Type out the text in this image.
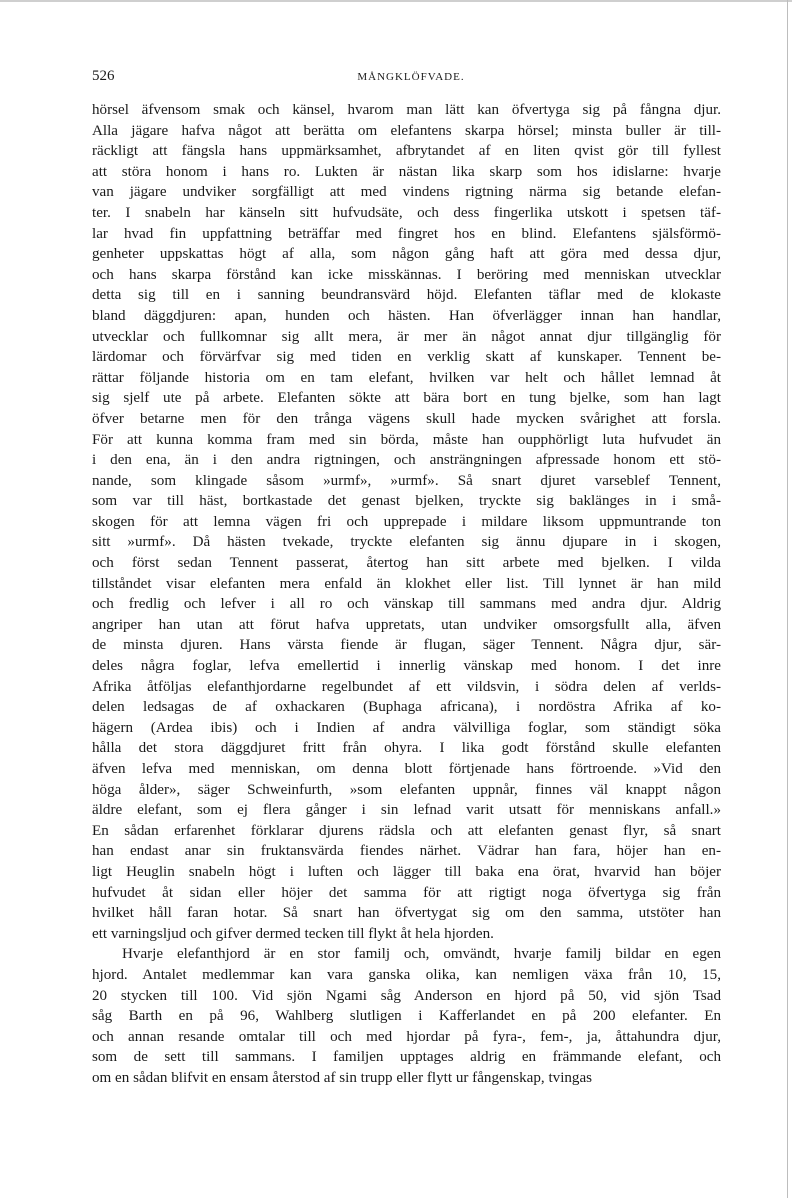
526	MÅNGKLÖFVADE.
hörsel äfvensom smak och känsel, hvarom man lätt kan öfvertyga sig på fångna djur.
Alla jägare hafva något att berätta om elefantens skarpa hörsel; minsta buller är till-
räckligt att fängsla hans uppmärksamhet, afbrytandet af en liten qvist gör till fyllest
att störa honom i hans ro. Lukten är nästan lika skarp som hos idislarne: hvarje
van jägare undviker sorgfälligt att med vindens rigtning närma sig betande elefan-
ter. I snabeln har känseln sitt hufvudsäte, och dess fingerlika utskott i spetsen täf-
lar hvad fin uppfattning beträffar med fingret hos en blind. Elefantens själsförmö-
genheter uppskattas högt af alla, som någon gång haft att göra med dessa djur,
och hans skarpa förstånd kan icke misskännas. I beröring med menniskan utvecklar
detta sig till en i sanning beundransvärd höjd. Elefanten täflar med de klokaste
bland däggdjuren: apan, hunden och hästen. Han öfverlägger innan han handlar,
utvecklar och fullkomnar sig allt mera, är mer än något annat djur tillgänglig för
lärdomar och förvärfvar sig med tiden en verklig skatt af kunskaper. Tennent be-
rättar följande historia om en tam elefant, hvilken var helt och hållet lemnad åt
sig sjelf ute på arbete. Elefanten sökte att bära bort en tung bjelke, som han lagt
öfver betarne men för den trånga vägens skull hade mycken svårighet att forsla.
För att kunna komma fram med sin börda, måste han oupphörligt luta hufvudet än
i den ena, än i den andra rigtningen, och ansträngningen afpressade honom ett stö-
nande, som klingade såsom »urmf», »urmf». Så snart djuret varseblef Tennent,
som var till häst, bortkastade det genast bjelken, tryckte sig baklänges in i små-
skogen för att lemna vägen fri och upprepade i mildare liksom uppmuntrande ton
sitt »urmf». Då hästen tvekade, tryckte elefanten sig ännu djupare in i skogen,
och först sedan Tennent passerat, återtog han sitt arbete med bjelken. I vilda
tillståndet visar elefanten mera enfald än klokhet eller list. Till lynnet är han mild
och fredlig och lefver i all ro och vänskap till sammans med andra djur. Aldrig
angriper han utan att förut hafva uppretats, utan undviker omsorgsfullt alla, äfven
de minsta djuren. Hans värsta fiende är flugan, säger Tennent. Några djur, sär-
deles några foglar, lefva emellertid i innerlig vänskap med honom. I det inre
Afrika åtföljas elefanthjordarne regelbundet af ett vildsvin, i södra delen af verlds-
delen ledsagas de af oxhackaren (Buphaga africana), i nordöstra Afrika af ko-
hägern (Ardea ibis) och i Indien af andra välvilliga foglar, som ständigt söka
hålla det stora däggdjuret fritt från ohyra. I lika godt förstånd skulle elefanten
äfven lefva med menniskan, om denna blott förtjenade hans förtroende. »Vid den
höga ålder», säger Schweinfurth, »som elefanten uppnår, finnes väl knappt någon
äldre elefant, som ej flera gånger i sin lefnad varit utsatt för menniskans anfall.»
En sådan erfarenhet förklarar djurens rädsla och att elefanten genast flyr, så snart
han endast anar sin fruktansvärda fiendes närhet. Vädrar han fara, höjer han en-
ligt Heuglin snabeln högt i luften och lägger till baka ena örat, hvarvid han böjer
hufvudet åt sidan eller höjer det samma för att rigtigt noga öfvertyga sig från
hvilket håll faran hotar. Så snart han öfvertygat sig om den samma, utstöter han
ett varningsljud och gifver dermed tecken till flykt åt hela hjorden.
Hvarje elefanthjord är en stor familj och, omvändt, hvarje familj bildar en egen
hjord. Antalet medlemmar kan vara ganska olika, kan nemligen växa från 10, 15,
20 stycken till 100. Vid sjön Ngami såg Anderson en hjord på 50, vid sjön Tsad
såg Barth en på 96, Wahlberg slutligen i Kafferlandet en på 200 elefanter. En
och annan resande omtalar till och med hjordar på fyra-, fem-, ja, åttahundra djur,
som de sett till sammans. I familjen upptages aldrig en främmande elefant, och
om en sådan blifvit en ensam återstod af sin trupp eller flytt ur fångenskap, tvingas
